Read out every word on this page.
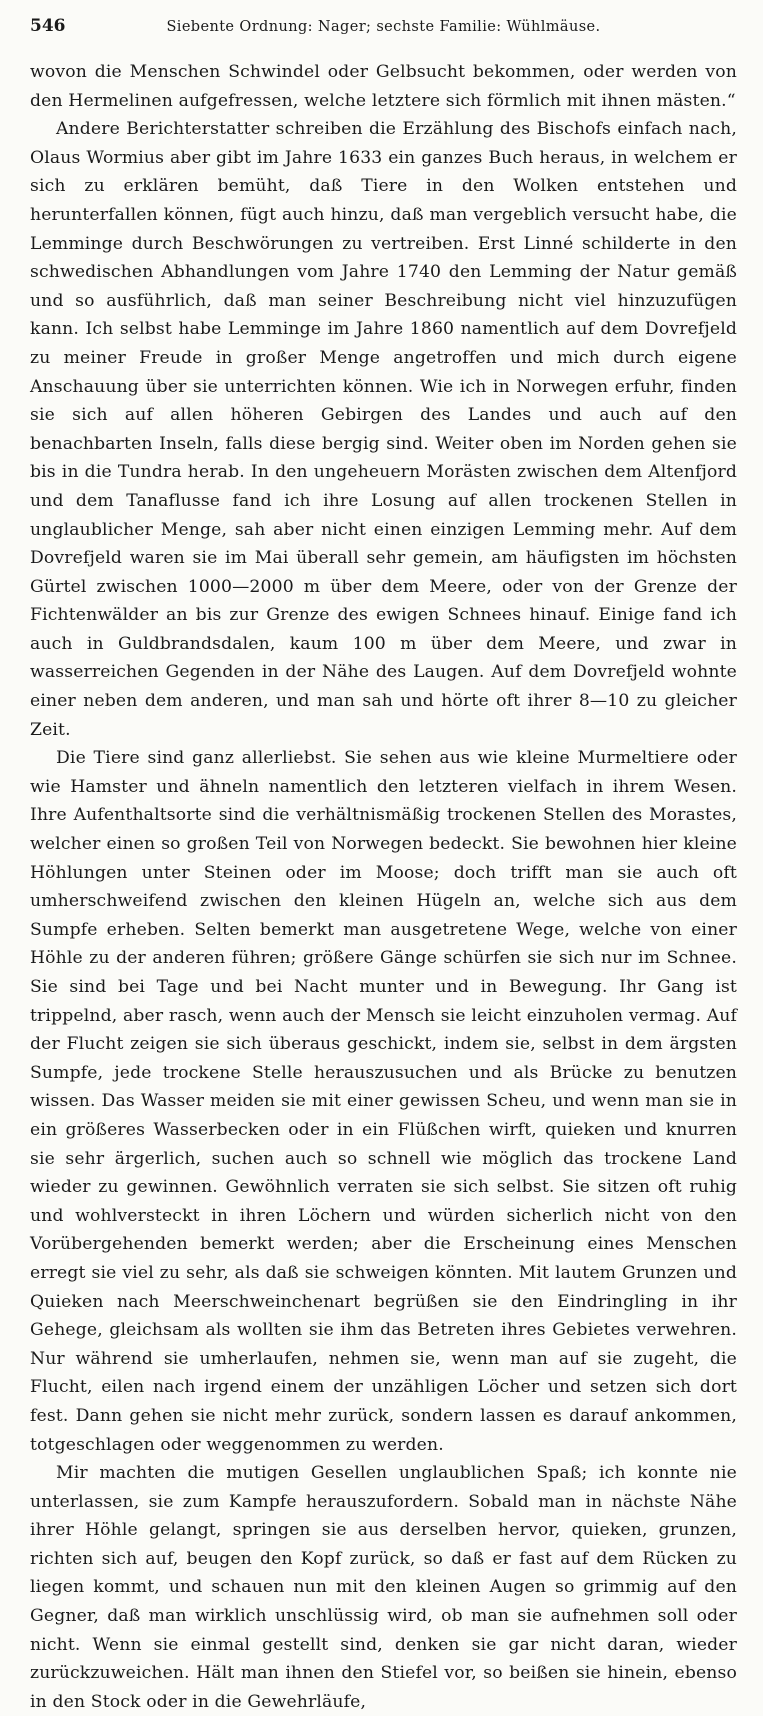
546	Siebente Ordnung: Nager; sechste Familie: Wühlmäuse.

wovon die Menschen Schwindel oder Gelbsucht bekommen, oder werden von den Hermelinen aufgefressen, welche letztere sich förmlich mit ihnen mästen.“

Andere Berichterstatter schreiben die Erzählung des Bischofs einfach nach, Olaus Wormius aber gibt im Jahre 1633 ein ganzes Buch heraus, in welchem er sich zu erklären bemüht, daß Tiere in den Wolken entstehen und herunterfallen können, fügt auch hinzu, daß man vergeblich versucht habe, die Lemminge durch Beschwörungen zu vertreiben. Erst Linné schilderte in den schwedischen Abhandlungen vom Jahre 1740 den Lemming der Natur gemäß und so ausführlich, daß man seiner Beschreibung nicht viel hinzuzufügen kann. Ich selbst habe Lemminge im Jahre 1860 namentlich auf dem Dovrefjeld zu meiner Freude in großer Menge angetroffen und mich durch eigene Anschauung über sie unterrichten können. Wie ich in Norwegen erfuhr, finden sie sich auf allen höheren Gebirgen des Landes und auch auf den benachbarten Inseln, falls diese bergig sind. Weiter oben im Norden gehen sie bis in die Tundra herab. In den ungeheuern Morästen zwischen dem Altenfjord und dem Tanaflusse fand ich ihre Losung auf allen trockenen Stellen in unglaublicher Menge, sah aber nicht einen einzigen Lemming mehr. Auf dem Dovrefjeld waren sie im Mai überall sehr gemein, am häufigsten im höchsten Gürtel zwischen 1000—2000 m über dem Meere, oder von der Grenze der Fichtenwälder an bis zur Grenze des ewigen Schnees hinauf. Einige fand ich auch in Guldbrandsdalen, kaum 100 m über dem Meere, und zwar in wasserreichen Gegenden in der Nähe des Laugen. Auf dem Dovrefjeld wohnte einer neben dem anderen, und man sah und hörte oft ihrer 8—10 zu gleicher Zeit.

Die Tiere sind ganz allerliebst. Sie sehen aus wie kleine Murmeltiere oder wie Hamster und ähneln namentlich den letzteren vielfach in ihrem Wesen. Ihre Aufenthaltsorte sind die verhältnismäßig trockenen Stellen des Morastes, welcher einen so großen Teil von Norwegen bedeckt. Sie bewohnen hier kleine Höhlungen unter Steinen oder im Moose; doch trifft man sie auch oft umherschweifend zwischen den kleinen Hügeln an, welche sich aus dem Sumpfe erheben. Selten bemerkt man ausgetretene Wege, welche von einer Höhle zu der anderen führen; größere Gänge schürfen sie sich nur im Schnee. Sie sind bei Tage und bei Nacht munter und in Bewegung. Ihr Gang ist trippelnd, aber rasch, wenn auch der Mensch sie leicht einzuholen vermag. Auf der Flucht zeigen sie sich überaus geschickt, indem sie, selbst in dem ärgsten Sumpfe, jede trockene Stelle herauszusuchen und als Brücke zu benutzen wissen. Das Wasser meiden sie mit einer gewissen Scheu, und wenn man sie in ein größeres Wasserbecken oder in ein Flüßchen wirft, quieken und knurren sie sehr ärgerlich, suchen auch so schnell wie möglich das trockene Land wieder zu gewinnen. Gewöhnlich verraten sie sich selbst. Sie sitzen oft ruhig und wohlversteckt in ihren Löchern und würden sicherlich nicht von den Vorübergehenden bemerkt werden; aber die Erscheinung eines Menschen erregt sie viel zu sehr, als daß sie schweigen könnten. Mit lautem Grunzen und Quieken nach Meerschweinchenart begrüßen sie den Eindringling in ihr Gehege, gleichsam als wollten sie ihm das Betreten ihres Gebietes verwehren. Nur während sie umherlaufen, nehmen sie, wenn man auf sie zugeht, die Flucht, eilen nach irgend einem der unzähligen Löcher und setzen sich dort fest. Dann gehen sie nicht mehr zurück, sondern lassen es darauf ankommen, totgeschlagen oder weggenommen zu werden.

Mir machten die mutigen Gesellen unglaublichen Spaß; ich konnte nie unterlassen, sie zum Kampfe herauszufordern. Sobald man in nächste Nähe ihrer Höhle gelangt, springen sie aus derselben hervor, quieken, grunzen, richten sich auf, beugen den Kopf zurück, so daß er fast auf dem Rücken zu liegen kommt, und schauen nun mit den kleinen Augen so grimmig auf den Gegner, daß man wirklich unschlüssig wird, ob man sie aufnehmen soll oder nicht. Wenn sie einmal gestellt sind, denken sie gar nicht daran, wieder zurückzuweichen. Hält man ihnen den Stiefel vor, so beißen sie hinein, ebenso in den Stock oder in die Gewehrläufe,
